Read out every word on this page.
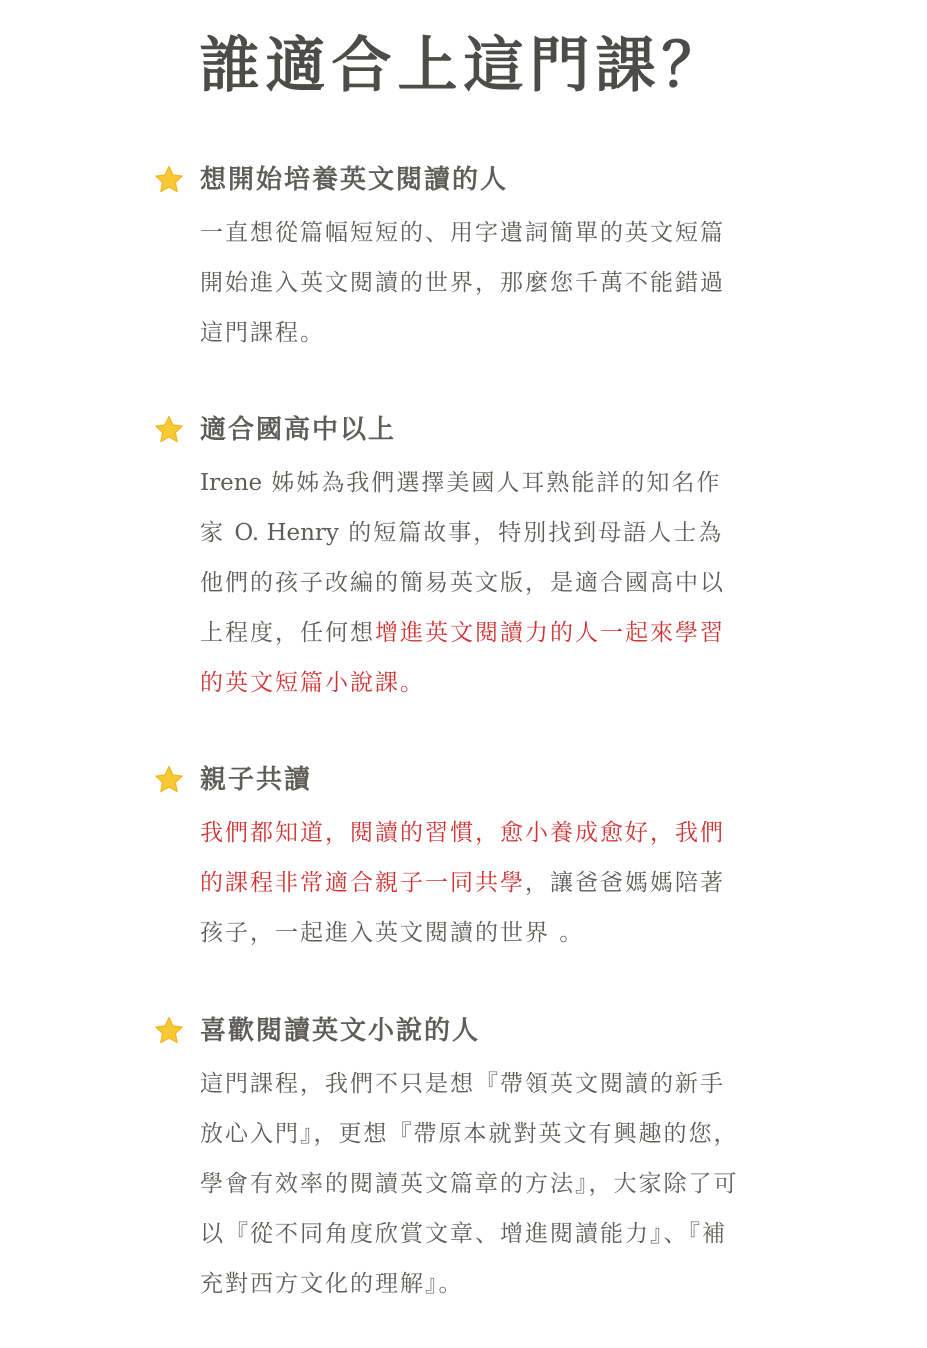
誰適合上這門課？
想開始培養英文閱讀的人
一直想從篇幅短短的、用字遺詞簡單的英文短篇開始進入英文閱讀的世界，那麼您千萬不能錯過這門課程。
適合國高中以上
Irene 姊姊為我們選擇美國人耳熟能詳的知名作家 O. Henry 的短篇故事，特別找到母語人士為他們的孩子改編的簡易英文版，是適合國高中以上程度，任何想增進英文閱讀力的人一起來學習的英文短篇小說課。
親子共讀
我們都知道，閱讀的習慣，愈小養成愈好，我們的課程非常適合親子一同共學，讓爸爸媽媽陪著孩子，一起進入英文閱讀的世界 。
喜歡閱讀英文小說的人
這門課程，我們不只是想『帶領英文閱讀的新手放心入門』，更想『帶原本就對英文有興趣的您，學會有效率的閱讀英文篇章的方法』，大家除了可以『從不同角度欣賞文章、增進閱讀能力』、『補充對西方文化的理解』。
